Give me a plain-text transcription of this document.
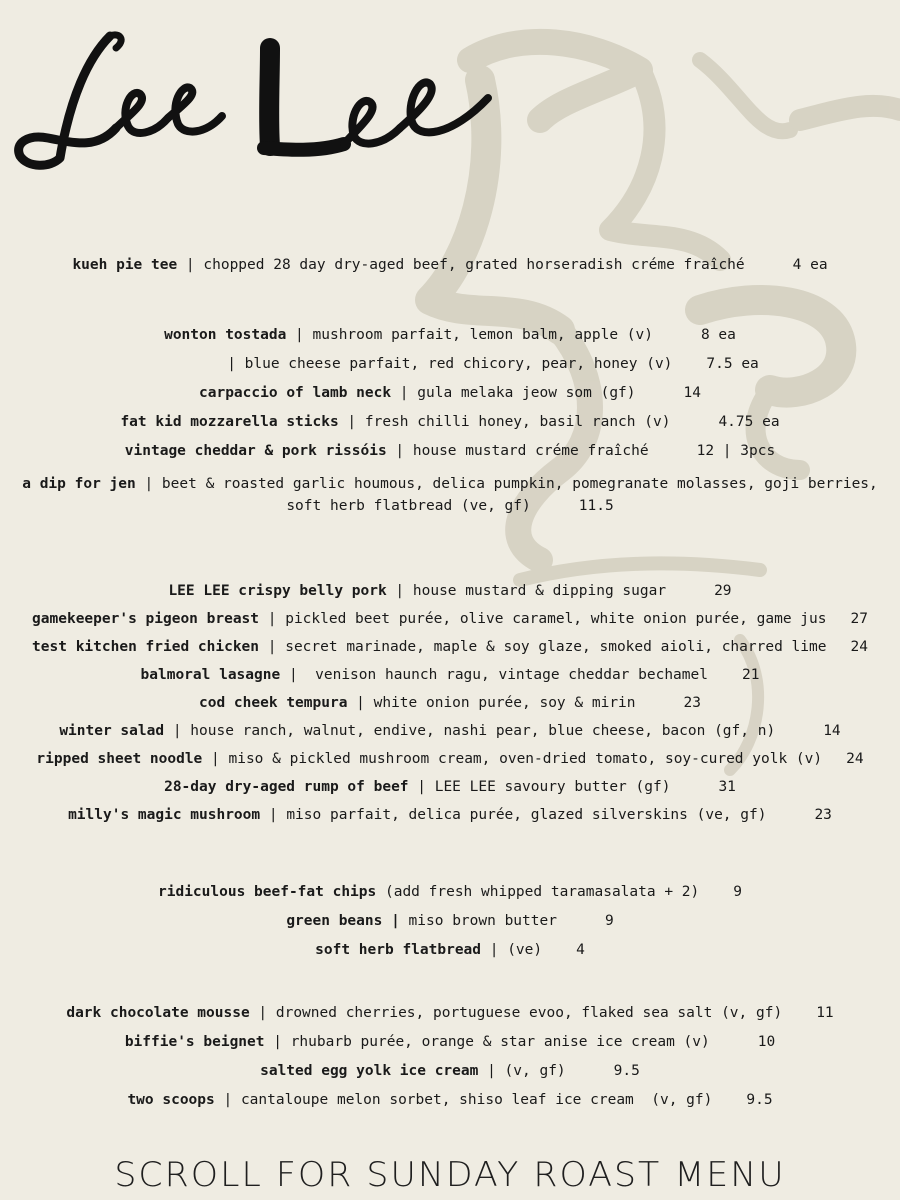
kueh pie tee | chopped 28 day dry-aged beef, grated horseradish créme fraîché	4 ea
wonton tostada | mushroom parfait, lemon balm, apple (v)	8 ea
| blue cheese parfait, red chicory, pear, honey (v) 7.5 ea
carpaccio of lamb neck | gula melaka jeow som (gf)	14
fat kid mozzarella sticks | fresh chilli honey, basil ranch (v)	4.75 ea
vintage cheddar & pork rissóis | house mustard créme fraîché	12 | 3pcs
a dip for jen | beet & roasted garlic houmous, delica pumpkin, pomegranate molasses, goji berries,
soft herb flatbread (ve, gf)	11.5
LEE LEE crispy belly pork | house mustard & dipping sugar	29
gamekeeper's pigeon breast | pickled beet purée, olive caramel, white onion purée, game jus 27
test kitchen fried chicken | secret marinade, maple & soy glaze, smoked aioli, charred lime 24
balmoral lasagne |  venison haunch ragu, vintage cheddar bechamel 21
cod cheek tempura | white onion purée, soy & mirin	23
winter salad | house ranch, walnut, endive, nashi pear, blue cheese, bacon (gf, n)	14
ripped sheet noodle | miso & pickled mushroom cream, oven-dried tomato, soy-cured yolk (v) 24
28-day dry-aged rump of beef | LEE LEE savoury butter (gf)	31
milly's magic mushroom | miso parfait, delica purée, glazed silverskins (ve, gf)	23
ridiculous beef-fat chips (add fresh whipped taramasalata + 2) 9
green beans | miso brown butter	9
soft herb flatbread | (ve) 4
dark chocolate mousse | drowned cherries, portuguese evoo, flaked sea salt (v, gf) 11
biffie's beignet | rhubarb purée, orange & star anise ice cream (v)	10
salted egg yolk ice cream | (v, gf)	9.5
two scoops | cantaloupe melon sorbet, shiso leaf ice cream  (v, gf) 9.5
SCROLL FOR SUNDAY ROAST MENU
